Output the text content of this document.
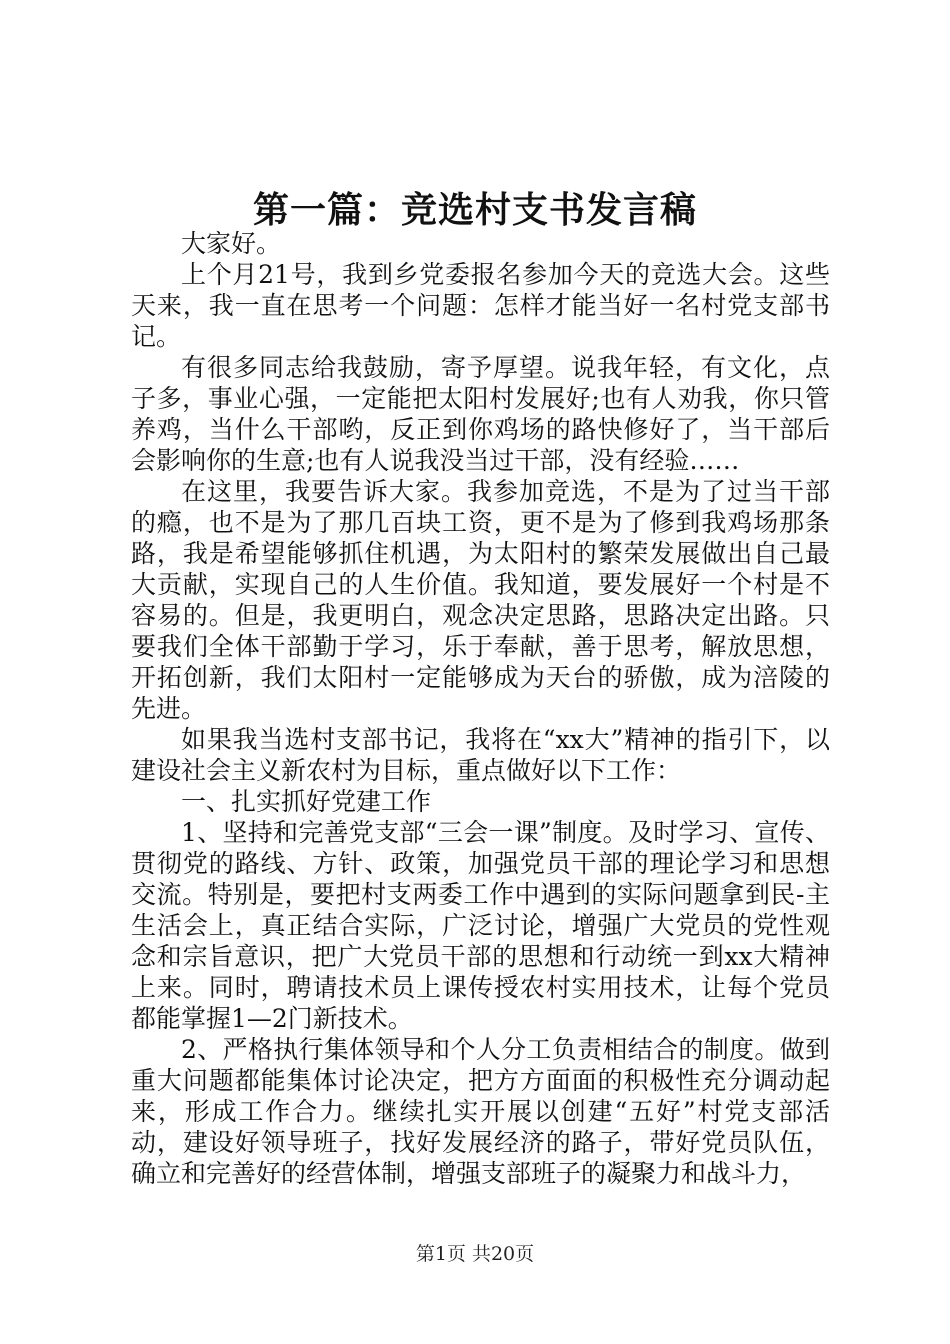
第一篇：竞选村支书发言稿

大家好。

上个月21号，我到乡党委报名参加今天的竞选大会。这些天来，我一直在思考一个问题：怎样才能当好一名村党支部书记。

有很多同志给我鼓励，寄予厚望。说我年轻，有文化，点子多，事业心强，一定能把太阳村发展好;也有人劝我，你只管养鸡，当什么干部哟，反正到你鸡场的路快修好了，当干部后会影响你的生意;也有人说我没当过干部，没有经验……

在这里，我要告诉大家。我参加竞选，不是为了过当干部的瘾，也不是为了那几百块工资，更不是为了修到我鸡场那条路，我是希望能够抓住机遇，为太阳村的繁荣发展做出自己最大贡献，实现自己的人生价值。我知道，要发展好一个村是不容易的。但是，我更明白，观念决定思路，思路决定出路。只要我们全体干部勤于学习，乐于奉献，善于思考，解放思想，开拓创新，我们太阳村一定能够成为天台的骄傲，成为涪陵的先进。

如果我当选村支部书记，我将在“xx大”精神的指引下，以建设社会主义新农村为目标，重点做好以下工作：

一、扎实抓好党建工作

1、坚持和完善党支部“三会一课”制度。及时学习、宣传、贯彻党的路线、方针、政策，加强党员干部的理论学习和思想交流。特别是，要把村支两委工作中遇到的实际问题拿到民-主生活会上，真正结合实际，广泛讨论，增强广大党员的党性观念和宗旨意识，把广大党员干部的思想和行动统一到xx大精神上来。同时，聘请技术员上课传授农村实用技术，让每个党员都能掌握1—2门新技术。

2、严格执行集体领导和个人分工负责相结合的制度。做到重大问题都能集体讨论决定，把方方面面的积极性充分调动起来，形成工作合力。继续扎实开展以创建“五好”村党支部活动，建设好领导班子，找好发展经济的路子，带好党员队伍，确立和完善好的经营体制，增强支部班子的凝聚力和战斗力，

第1页 共20页
